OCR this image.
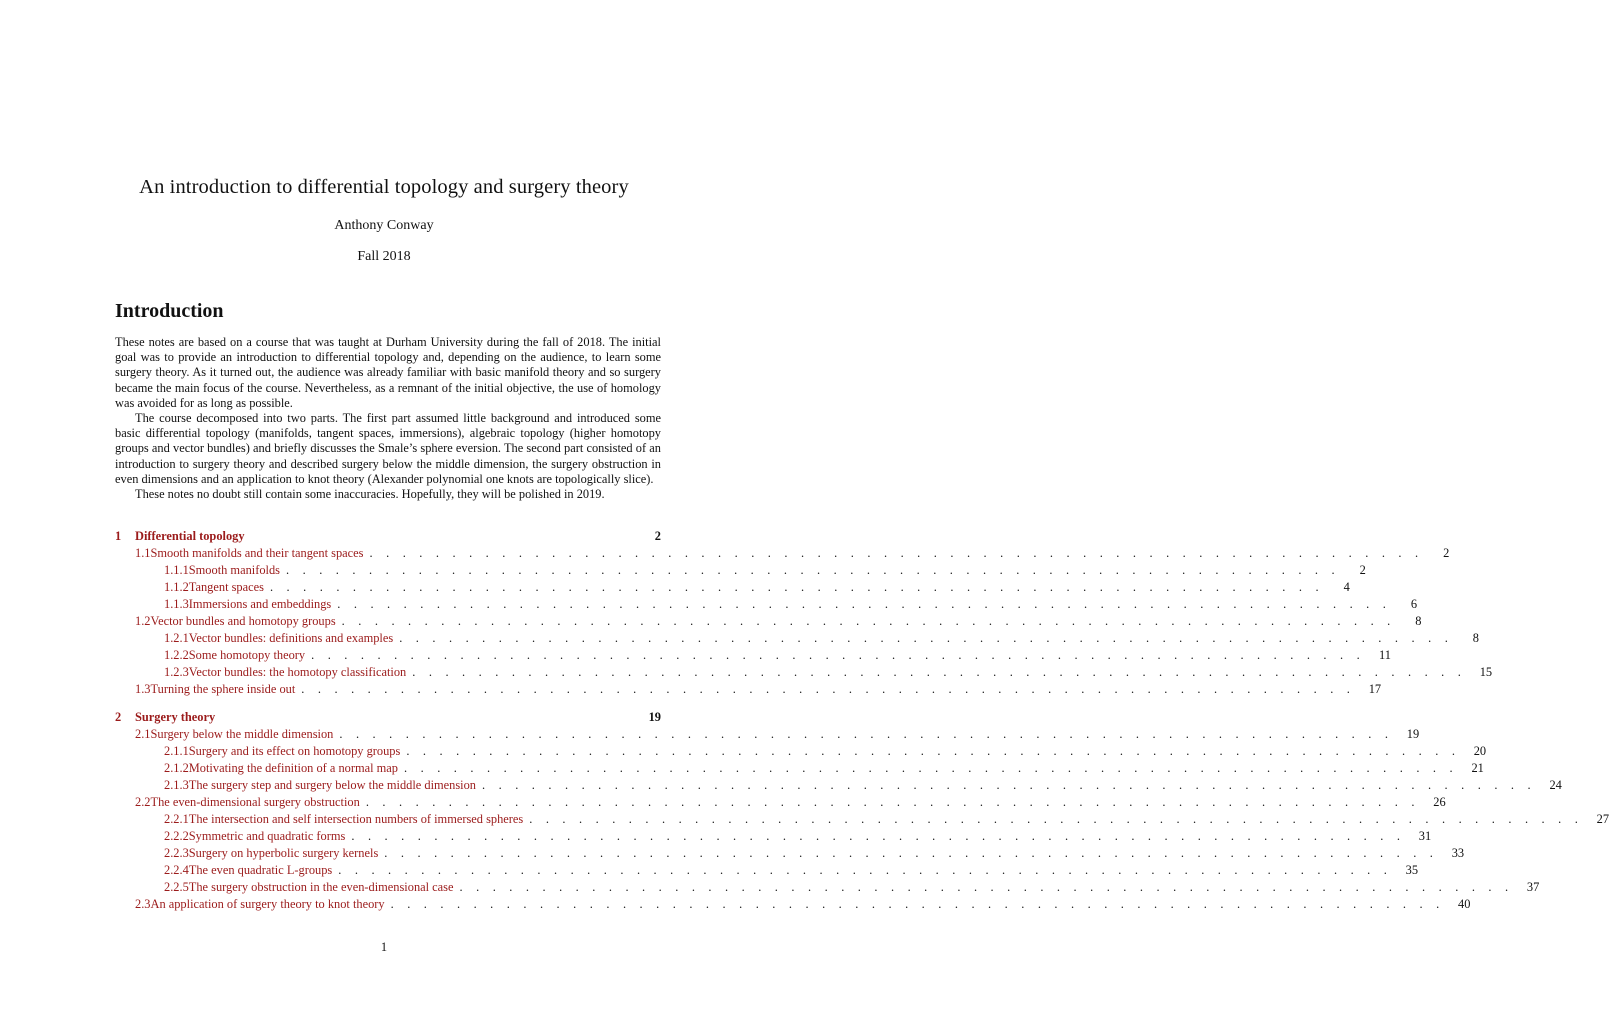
An introduction to differential topology and surgery theory
Anthony Conway
Fall 2018
Introduction

These notes are based on a course that was taught at Durham University during the fall of 2018. The initial goal was to provide an introduction to differential topology and, depending on the audience, to learn some surgery theory. As it turned out, the audience was already familiar with basic manifold theory and so surgery became the main focus of the course. Nevertheless, as a remnant of the initial objective, the use of homology was avoided for as long as possible.

The course decomposed into two parts. The first part assumed little background and introduced some basic differential topology (manifolds, tangent spaces, immersions), algebraic topology (higher homotopy groups and vector bundles) and briefly discusses the Smale’s sphere eversion. The second part consisted of an introduction to surgery theory and described surgery below the middle dimension, the surgery obstruction in even dimensions and an application to knot theory (Alexander polynomial one knots are topologically slice).

These notes no doubt still contain some inaccuracies. Hopefully, they will be polished in 2019.

1	Differential topology	2
1.1 Smooth manifolds and their tangent spaces . . . . . . . . . . . . . . . . . . . . . . . . . . . . . . . . . . . . . . . . . . . . . . . . . . . . . . . . . . . . . . . .	2
1.1.1 Smooth manifolds . . . . . . . . . . . . . . . . . . . . . . . . . . . . . . . . . . . . . . . . . . . . . . . . . . . . . . . . . . . . . . . .	2
1.1.2 Tangent spaces . . . . . . . . . . . . . . . . . . . . . . . . . . . . . . . . . . . . . . . . . . . . . . . . . . . . . . . . . . . . . . . .	4
1.1.3 Immersions and embeddings . . . . . . . . . . . . . . . . . . . . . . . . . . . . . . . . . . . . . . . . . . . . . . . . . . . . . . . . . . . . . . . .	6
1.2 Vector bundles and homotopy groups . . . . . . . . . . . . . . . . . . . . . . . . . . . . . . . . . . . . . . . . . . . . . . . . . . . . . . . . . . . . . . . .	8
1.2.1 Vector bundles: definitions and examples . . . . . . . . . . . . . . . . . . . . . . . . . . . . . . . . . . . . . . . . . . . . . . . . . . . . . . . . . . . . . . . .	8
1.2.2 Some homotopy theory . . . . . . . . . . . . . . . . . . . . . . . . . . . . . . . . . . . . . . . . . . . . . . . . . . . . . . . . . . . . . . . .	11
1.2.3 Vector bundles: the homotopy classification . . . . . . . . . . . . . . . . . . . . . . . . . . . . . . . . . . . . . . . . . . . . . . . . . . . . . . . . . . . . . . . .	15
1.3 Turning the sphere inside out . . . . . . . . . . . . . . . . . . . . . . . . . . . . . . . . . . . . . . . . . . . . . . . . . . . . . . . . . . . . . . . .	17
2	Surgery theory	19
2.1 Surgery below the middle dimension . . . . . . . . . . . . . . . . . . . . . . . . . . . . . . . . . . . . . . . . . . . . . . . . . . . . . . . . . . . . . . . .	19
2.1.1 Surgery and its effect on homotopy groups . . . . . . . . . . . . . . . . . . . . . . . . . . . . . . . . . . . . . . . . . . . . . . . . . . . . . . . . . . . . . . . .	20
2.1.2 Motivating the definition of a normal map . . . . . . . . . . . . . . . . . . . . . . . . . . . . . . . . . . . . . . . . . . . . . . . . . . . . . . . . . . . . . . . .	21
2.1.3 The surgery step and surgery below the middle dimension . . . . . . . . . . . . . . . . . . . . . . . . . . . . . . . . . . . . . . . . . . . . . . . . . . . . . . . . . . . . . . . .	24
2.2 The even-dimensional surgery obstruction . . . . . . . . . . . . . . . . . . . . . . . . . . . . . . . . . . . . . . . . . . . . . . . . . . . . . . . . . . . . . . . .	26
2.2.1 The intersection and self intersection numbers of immersed spheres . . . . . . . . . . . . . . . . . . . . . . . . . . . . . . . . . . . . . . . . . . . . . . . . . . . . . . . . . . . . . . . .	27
2.2.2 Symmetric and quadratic forms . . . . . . . . . . . . . . . . . . . . . . . . . . . . . . . . . . . . . . . . . . . . . . . . . . . . . . . . . . . . . . . .	31
2.2.3 Surgery on hyperbolic surgery kernels . . . . . . . . . . . . . . . . . . . . . . . . . . . . . . . . . . . . . . . . . . . . . . . . . . . . . . . . . . . . . . . .	33
2.2.4 The even quadratic L-groups . . . . . . . . . . . . . . . . . . . . . . . . . . . . . . . . . . . . . . . . . . . . . . . . . . . . . . . . . . . . . . . .	35
2.2.5 The surgery obstruction in the even-dimensional case . . . . . . . . . . . . . . . . . . . . . . . . . . . . . . . . . . . . . . . . . . . . . . . . . . . . . . . . . . . . . . . .	37
2.3 An application of surgery theory to knot theory . . . . . . . . . . . . . . . . . . . . . . . . . . . . . . . . . . . . . . . . . . . . . . . . . . . . . . . . . . . . . . . .	40
1
